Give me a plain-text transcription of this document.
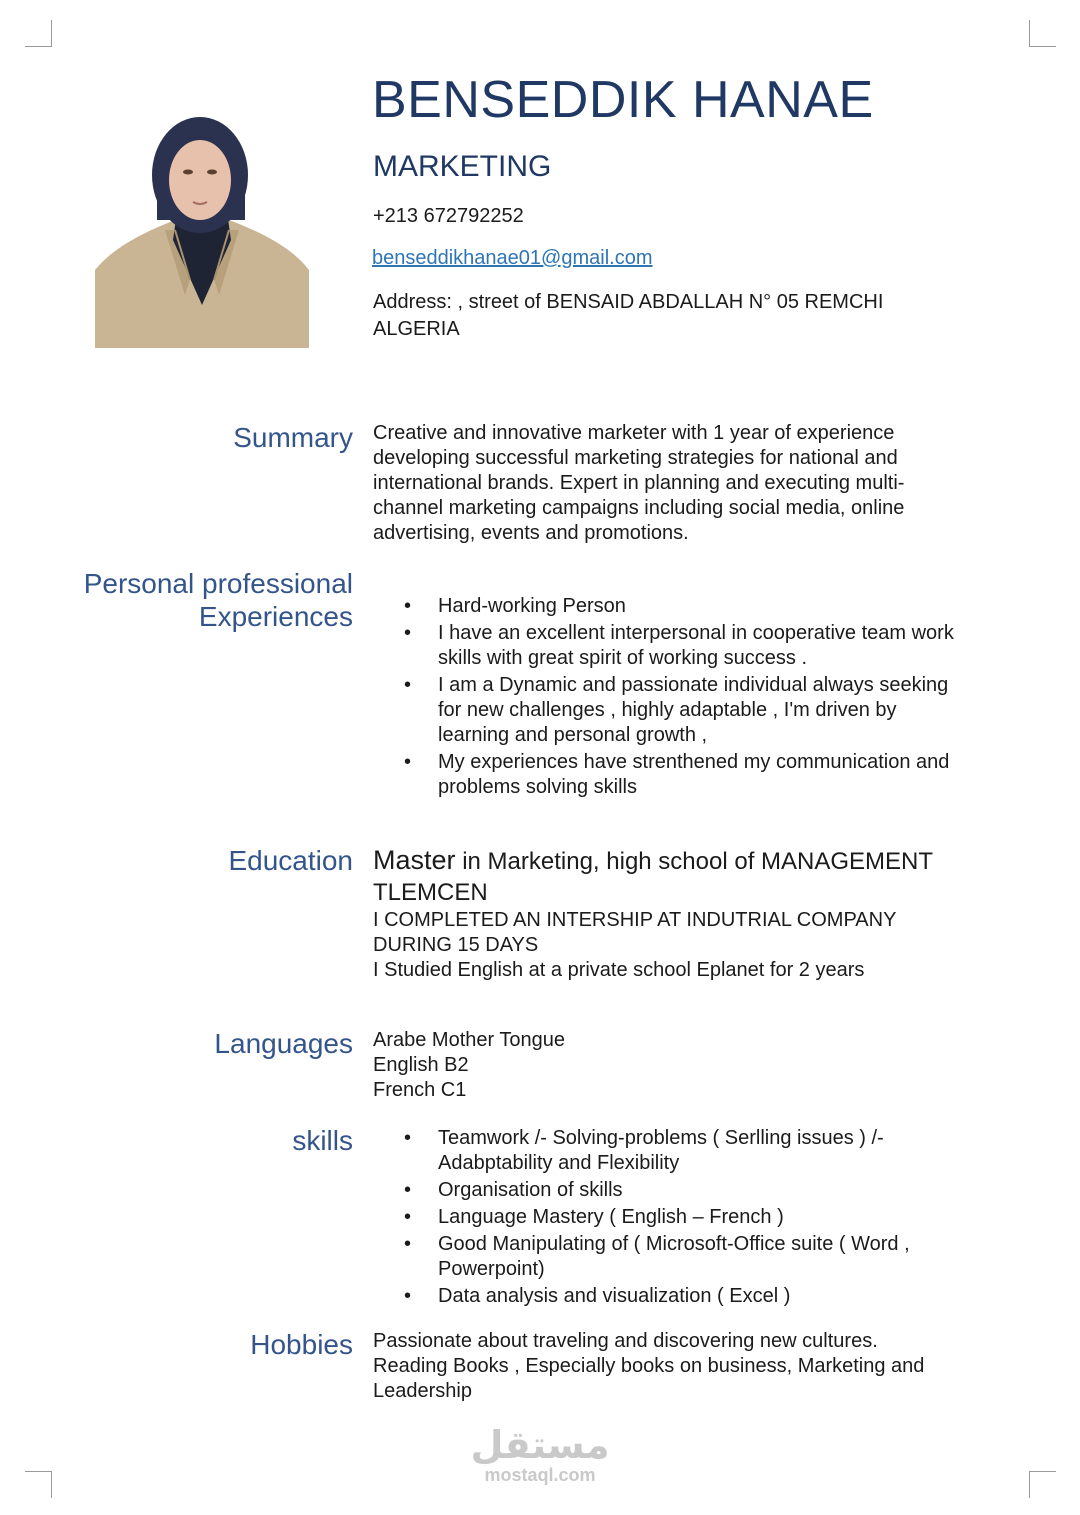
BENSEDDIK HANAE
MARKETING
+213 672792252
benseddikhanae01@gmail.com
Address: , street of BENSAID ABDALLAH N° 05 REMCHI ALGERIA
Summary Creative and innovative marketer with 1 year of experience developing successful marketing strategies for national and international brands. Expert in planning and executing multi-channel marketing campaigns including social media, online advertising, events and promotions.
Personal professional
Experiences	• Hard-working Person
• I have an excellent interpersonal in cooperative team work skills with great spirit of working success .
• I am a Dynamic and passionate individual always seeking for new challenges , highly adaptable , I'm driven by learning and personal growth ,
• My experiences have strenthened my communication and problems solving skills
Education Master in Marketing, high school of MANAGEMENT TLEMCEN
I COMPLETED AN INTERSHIP AT INDUTRIAL COMPANY DURING 15 DAYS
I Studied English at a private school Eplanet for 2 years
Languages Arabe Mother Tongue
English B2
French C1
skills	• Teamwork /- Solving-problems ( Serlling issues ) /- Adabptability and Flexibility
• Organisation of skills
• Language Mastery ( English – French )
• Good Manipulating of ( Microsoft-Office suite ( Word , Powerpoint)
• Data analysis and visualization ( Excel )
Hobbies Passionate about traveling and discovering new cultures.
Reading Books , Especially books on business, Marketing and Leadership
مستقل
mostaql.com
